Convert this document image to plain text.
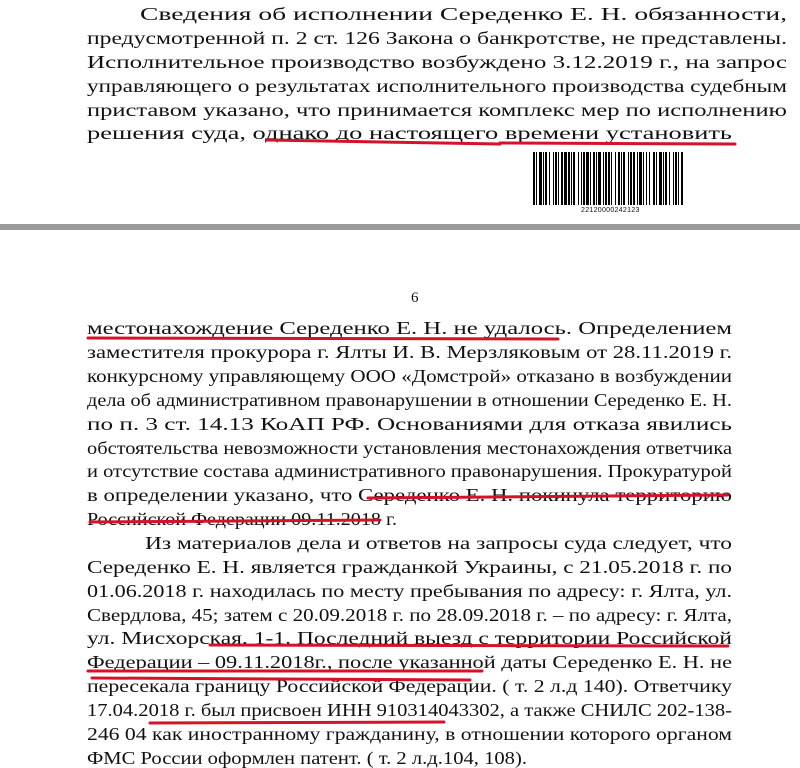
Сведения об исполнении Середенко Е. Н. обязанности,
предусмотренной п. 2 ст. 126 Закона о банкротстве, не представлены.
Исполнительное производство возбуждено 3.12.2019 г., на запрос
управляющего о результатах исполнительного производства судебным
приставом указано, что принимается комплекс мер по исполнению
решения суда, однако до настоящего времени установить
22120000242123
6
местонахождение Середенко Е. Н. не удалось. Определением
заместителя прокурора г. Ялты И. В. Мерзляковым от 28.11.2019 г.
конкурсному управляющему ООО «Домстрой» отказано в возбуждении
дела об административном правонарушении в отношении Середенко Е. Н.
по п. 3 ст. 14.13 КоАП РФ. Основаниями для отказа явились
обстоятельства невозможности установления местонахождения ответчика
и отсутствие состава административного правонарушения. Прокуратурой
в определении указано, что Середенко Е. Н. покинула территорию
Российской Федерации 09.11.2018 г.
Из материалов дела и ответов на запросы суда следует, что
Середенко Е. Н. является гражданкой Украины, с 21.05.2018 г. по
01.06.2018 г. находилась по месту пребывания по адресу: г. Ялта, ул.
Свердлова, 45; затем с 20.09.2018 г. по 28.09.2018 г. – по адресу: г. Ялта,
ул. Мисхорская, 1-1. Последний выезд с территории Российской
Федерации – 09.11.2018г., после указанной даты Середенко Е. Н. не
пересекала границу Российской Федерации. ( т. 2 л.д 140). Ответчику
17.04.2018 г. был присвоен ИНН 910314043302, а также СНИЛС 202-138-
246 04 как иностранному гражданину, в отношении которого органом
ФМС России оформлен патент. ( т. 2 л.д.104, 108).
